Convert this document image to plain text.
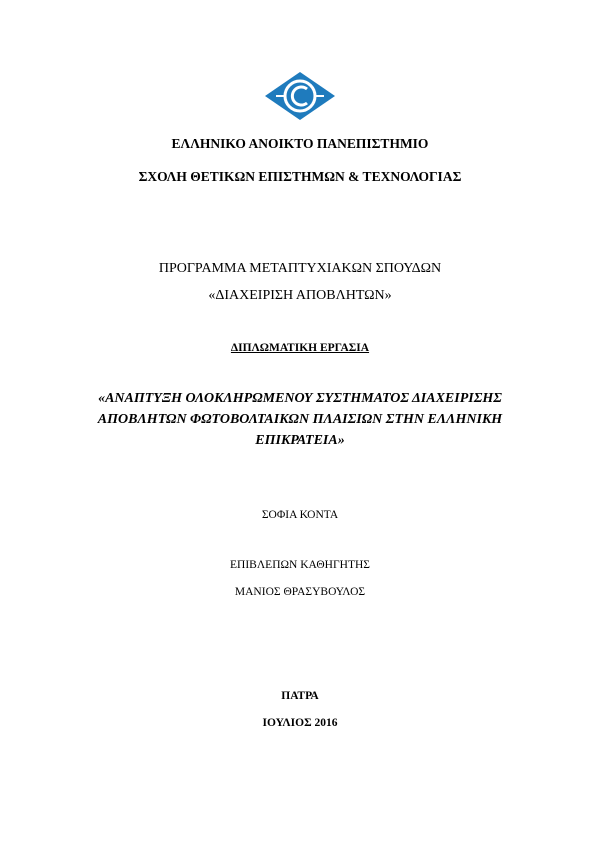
ΕΛΛΗΝΙΚΟ ΑΝΟΙΚΤΟ ΠΑΝΕΠΙΣΤΗΜΙΟ
ΣΧΟΛΗ ΘΕΤΙΚΩΝ ΕΠΙΣΤΗΜΩΝ & ΤΕΧΝΟΛΟΓΙΑΣ
ΠΡΟΓΡΑΜΜΑ ΜΕΤΑΠΤΥΧΙΑΚΩΝ ΣΠΟΥΔΩΝ
«ΔΙΑΧΕΙΡΙΣΗ ΑΠΟΒΛΗΤΩΝ»
ΔΙΠΛΩΜΑΤΙΚΗ ΕΡΓΑΣΙΑ
«ΑΝΑΠΤΥΞΗ ΟΛΟΚΛΗΡΩΜΕΝΟΥ ΣΥΣΤΗΜΑΤΟΣ ΔΙΑΧΕΙΡΙΣΗΣ
ΑΠΟΒΛΗΤΩΝ ΦΩΤΟΒΟΛΤΑΙΚΩΝ ΠΛΑΙΣΙΩΝ ΣΤΗΝ ΕΛΛΗΝΙΚΗ
ΕΠΙΚΡΑΤΕΙΑ»
ΣΟΦΙΑ ΚΟΝΤΑ
ΕΠΙΒΛΕΠΩΝ ΚΑΘΗΓΗΤΗΣ
ΜΑΝΙΟΣ ΘΡΑΣΥΒΟΥΛΟΣ
ΠΑΤΡΑ
ΙΟΥΛΙΟΣ 2016
